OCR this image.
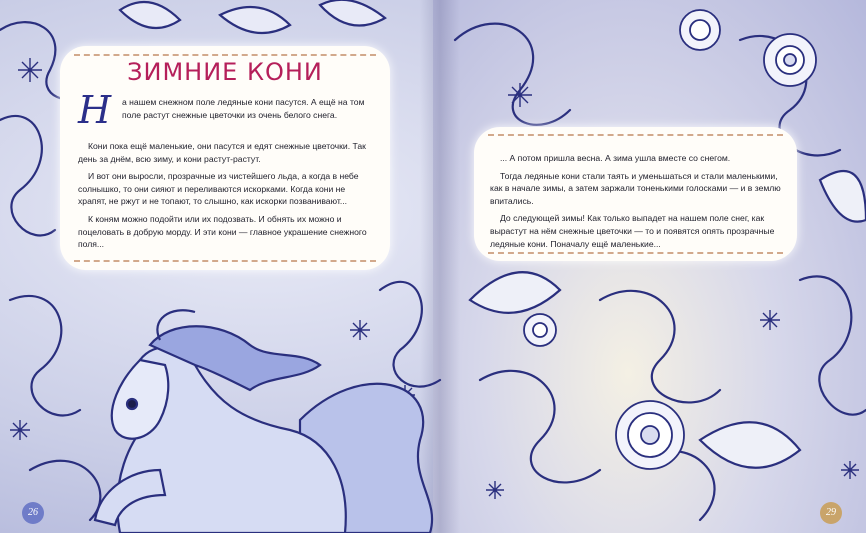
ЗИМНИЕ КОНИ
Н а нашем снежном поле ледяные кони пасутся. А ещё на том поле растут снежные цветочки из очень белого снега.

Кони пока ещё маленькие, они пасутся и едят снежные цветочки. Так день за днём, всю зиму, и кони растут-растут.

И вот они выросли, прозрачные из чистейшего льда, а когда в небе солнышко, то они сияют и переливаются искорками. Когда кони не храпят, не ржут и не топают, то слышно, как искорки позванивают...

К коням можно подойти или их подозвать. И обнять их можно и поцеловать в добрую морду. И эти кони — главное украшение снежного поля...

... А потом пришла весна. А зима ушла вместе со снегом.

Тогда ледяные кони стали таять и уменьшаться и стали маленькими, как в начале зимы, а затем заржали тоненькими голосками — и в землю впитались.

До следующей зимы! Как только выпадет на нашем поле снег, как вырастут на нём снежные цветочки — то и появятся опять прозрачные ледяные кони. Поначалу ещё маленькие...

26	29
